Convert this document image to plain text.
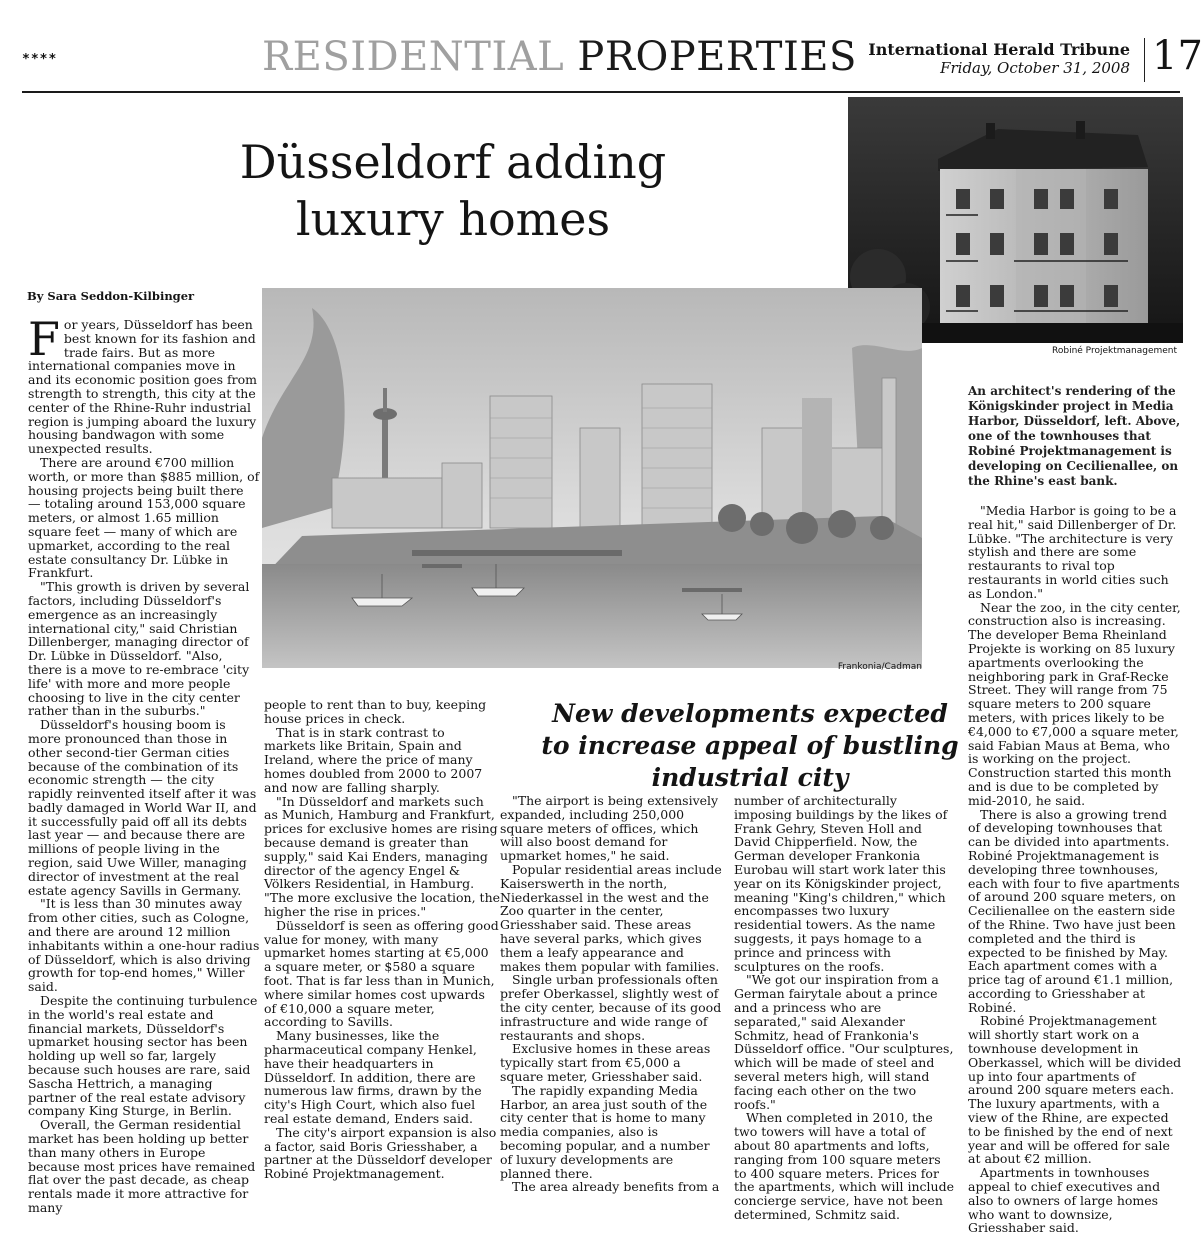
****	RESIDENTIAL PROPERTIES International Herald Tribune
Friday, October 31, 2008 17
Düsseldorf adding luxury homes
By Sara Seddon-Kilbinger
Robiné Projektmanagement
Frankonia/Cadman
An architect's rendering of the Königskinder project in Media Harbor, Düsseldorf, left. Above, one of the townhouses that Robiné Projektmanagement is developing on Cecilienallee, on the Rhine's east bank.
New developments expected to increase appeal of bustling industrial city

For years, Düsseldorf has been best known for its fashion and trade fairs. But as more international companies move in and its economic position goes from strength to strength, this city at the center of the Rhine-Ruhr industrial region is jumping aboard the luxury housing bandwagon with some unexpected results.

There are around €700 million worth, or more than $885 million, of housing projects being built there — totaling around 153,000 square meters, or almost 1.65 million square feet — many of which are upmarket, according to the real estate consultancy Dr. Lübke in Frankfurt.

"This growth is driven by several factors, including Düsseldorf's emergence as an increasingly international city," said Christian Dillenberger, managing director of Dr. Lübke in Düsseldorf. "Also, there is a move to re-embrace 'city life' with more and more people choosing to live in the city center rather than in the suburbs."

Düsseldorf's housing boom is more pronounced than those in other second-tier German cities because of the combination of its economic strength — the city rapidly reinvented itself after it was badly damaged in World War II, and it successfully paid off all its debts last year — and because there are millions of people living in the region, said Uwe Willer, managing director of investment at the real estate agency Savills in Germany.

"It is less than 30 minutes away from other cities, such as Cologne, and there are around 12 million inhabitants within a one-hour radius of Düsseldorf, which is also driving growth for top-end homes," Willer said.

Despite the continuing turbulence in the world's real estate and financial markets, Düsseldorf's upmarket housing sector has been holding up well so far, largely because such houses are rare, said Sascha Hettrich, a managing partner of the real estate advisory company King Sturge, in Berlin.

Overall, the German residential market has been holding up better than many others in Europe because most prices have remained flat over the past decade, as cheap rentals made it more attractive for many

people to rent than to buy, keeping house prices in check.

That is in stark contrast to markets like Britain, Spain and Ireland, where the price of many homes doubled from 2000 to 2007 and now are falling sharply.

"In Düsseldorf and markets such as Munich, Hamburg and Frankfurt, prices for exclusive homes are rising because demand is greater than supply," said Kai Enders, managing director of the agency Engel & Völkers Residential, in Hamburg. "The more exclusive the location, the higher the rise in prices."

Düsseldorf is seen as offering good value for money, with many upmarket homes starting at €5,000 a square meter, or $580 a square foot. That is far less than in Munich, where similar homes cost upwards of €10,000 a square meter, according to Savills.

Many businesses, like the pharmaceutical company Henkel, have their headquarters in Düsseldorf. In addition, there are numerous law firms, drawn by the city's High Court, which also fuel real estate demand, Enders said.

The city's airport expansion is also a factor, said Boris Griesshaber, a partner at the Düsseldorf developer Robiné Projektmanagement.

"The airport is being extensively expanded, including 250,000 square meters of offices, which will also boost demand for upmarket homes," he said.

Popular residential areas include Kaiserswerth in the north, Niederkassel in the west and the Zoo quarter in the center, Griesshaber said. These areas have several parks, which gives them a leafy appearance and makes them popular with families.

Single urban professionals often prefer Oberkassel, slightly west of the city center, because of its good infrastructure and wide range of restaurants and shops.

Exclusive homes in these areas typically start from €5,000 a square meter, Griesshaber said.

The rapidly expanding Media Harbor, an area just south of the city center that is home to many media companies, also is becoming popular, and a number of luxury developments are planned there.

The area already benefits from a

number of architecturally imposing buildings by the likes of Frank Gehry, Steven Holl and David Chipperfield. Now, the German developer Frankonia Eurobau will start work later this year on its Königskinder project, meaning "King's children," which encompasses two luxury residential towers. As the name suggests, it pays homage to a prince and princess with sculptures on the roofs.

"We got our inspiration from a German fairytale about a prince and a princess who are separated," said Alexander Schmitz, head of Frankonia's Düsseldorf office. "Our sculptures, which will be made of steel and several meters high, will stand facing each other on the two roofs."

When completed in 2010, the two towers will have a total of about 80 apartments and lofts, ranging from 100 square meters to 400 square meters. Prices for the apartments, which will include concierge service, have not been determined, Schmitz said.

"Media Harbor is going to be a real hit," said Dillenberger of Dr. Lübke. "The architecture is very stylish and there are some restaurants to rival top restaurants in world cities such as London."

Near the zoo, in the city center, construction also is increasing. The developer Bema Rheinland Projekte is working on 85 luxury apartments overlooking the neighboring park in Graf-Recke Street. They will range from 75 square meters to 200 square meters, with prices likely to be €4,000 to €7,000 a square meter, said Fabian Maus at Bema, who is working on the project. Construction started this month and is due to be completed by mid-2010, he said.

There is also a growing trend of developing townhouses that can be divided into apartments. Robiné Projektmanagement is developing three townhouses, each with four to five apartments of around 200 square meters, on Cecilienallee on the eastern side of the Rhine. Two have just been completed and the third is expected to be finished by May. Each apartment comes with a price tag of around €1.1 million, according to Griesshaber at Robiné.

Robiné Projektmanagement will shortly start work on a townhouse development in Oberkassel, which will be divided up into four apartments of around 200 square meters each. The luxury apartments, with a view of the Rhine, are expected to be finished by the end of next year and will be offered for sale at about €2 million.

Apartments in townhouses appeal to chief executives and also to owners of large homes who want to downsize, Griesshaber said.
